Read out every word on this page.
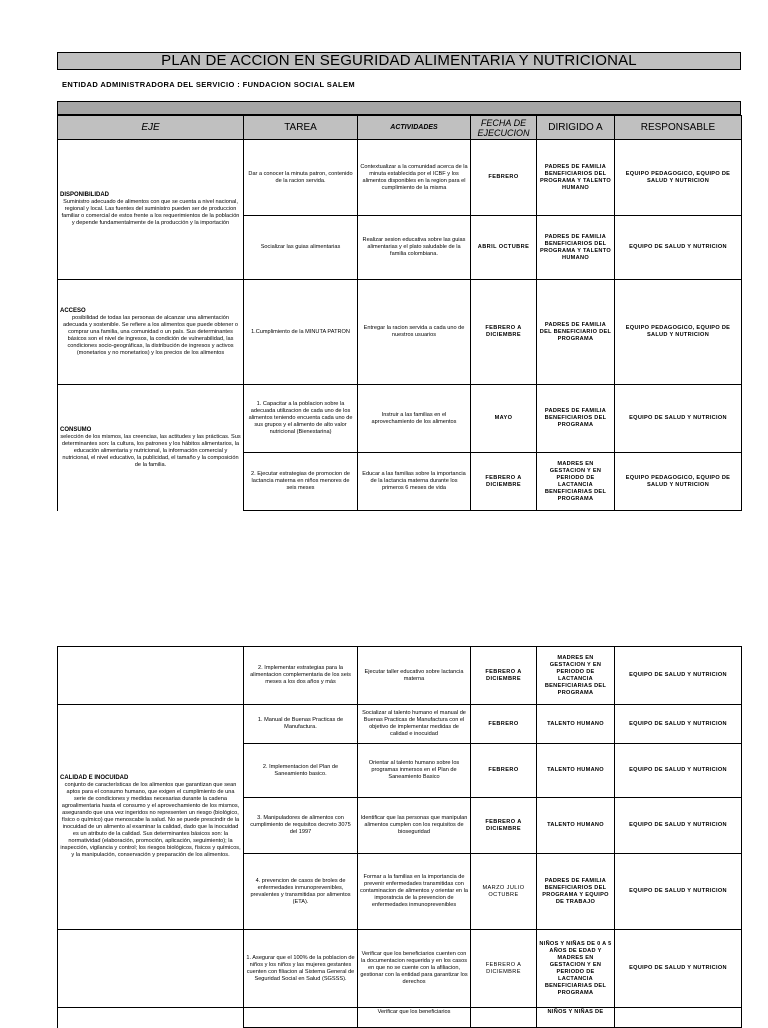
PLAN DE ACCION EN SEGURIDAD ALIMENTARIA Y NUTRICIONAL
ENTIDAD ADMINISTRADORA DEL SERVICIO : FUNDACION SOCIAL SALEM
EJE	TAREA	ACTIVIDADES	FECHA DE EJECUCION	DIRIGIDO A	RESPONSABLE

DISPONIBILIDAD
Suministro adecuado de alimentos con que se cuenta a nivel nacional, regional y local. Las fuentes del suministro pueden ser de produccion familiar o comercial de estos frente a los requerimientos de la población y depende fundamentalmente de la producción y la importación	Dar a conocer la minuta patron, contenido de la racion servida.	Contextualizar a la comunidad acerca de la minuta establecida por el ICBF y los alimentos disponibles en la region para el cumplimiento de la misma	FEBRERO	PADRES DE FAMILIA BENEFICIARIOS DEL PROGRAMA Y TALENTO HUMANO	EQUIPO PEDAGOGICO, EQUIPO DE SALUD Y NUTRICION
	Socializar las guias alimentarias	Realizar sesion educativa sobre las guias alimentarias y el plato saludable de la familia colombiana.	ABRIL OCTUBRE	PADRES DE FAMILIA BENEFICIARIOS DEL PROGRAMA Y TALENTO HUMANO	EQUIPO DE SALUD Y NUTRICION

ACCESO
posibilidad de todas las personas de alcanzar una alimentación adecuada y sostenible. Se refiere a los alimentos que puede obtener o comprar una familia, una comunidad o un país. Sus determinantes básicos son el nivel de ingresos, la condición de vulnerabilidad, las condiciones socio-geográficas, la distribución de ingresos y activos (monetarios y no monetarios) y los precios de los alimentos	1.Cumplimiento de la MINUTA PATRON	Entregar la racion servida a cada uno de nuestros usuarios	FEBRERO A DICIEMBRE	PADRES DE FAMILIA DEL BENEFICIARIO DEL PROGRAMA	EQUIPO PEDAGOGICO, EQUIPO DE SALUD Y NUTRICION

CONSUMO
selección de los mismos, las creencias, las actitudes y las prácticas. Sus determinantes son: la cultura, los patrones y los hábitos alimentarios, la educación alimentaria y nutricional, la información comercial y nutricional, el nivel educativo, la publicidad, el tamaño y la composición de la familia.	1. Capacitar a la poblacion sobre la adecuada utilizacion de cada uno de los alimentos teniendo encuenta cada uno de sus grupos y el alimento de alto valor nutricional (Bienestarina)	Instruir a las familias en el aprovechamiento de los alimentos	MAYO	PADRES DE FAMILIA BENEFICIARIOS DEL PROGRAMA	EQUIPO DE SALUD Y NUTRICION
	2. Ejecutar estrategias de promocion de lactancia materna en niños menores de seis meses	Educar a las familias sobre la importancia de la lactancia materna durante los primeros 6 meses de vida	FEBRERO A DICIEMBRE	MADRES EN GESTACION Y EN PERIODO DE LACTANCIA BENEFICIARIAS DEL PROGRAMA	EQUIPO PEDAGOGICO, EQUIPO DE SALUD Y NUTRICION
	2. Implementar estrategias para la alimentacion complementaria de los seis meses a los dos años y más	Ejecutar taller educativo sobre lactancia materna	FEBRERO A DICIEMBRE	MADRES EN GESTACION Y EN PERIODO DE LACTANCIA BENEFICIARIAS DEL PROGRAMA	EQUIPO DE SALUD Y NUTRICION

CALIDAD E INOCUIDAD
conjunto de características de los alimentos que garantizan que sean aptos para el consumo humano, que exigen el cumplimiento de una serie de condiciones y medidas necesarias durante la cadena agroalimentaria hasta el consumo y el aprovechamiento de los mismos, asegurando que una vez ingeridos no representen un riesgo (biológico, físico o químico) que menoscabe la salud. No se puede prescindir de la inocuidad de un alimento al examinar la calidad, dado que la inocuidad es un atributo de la calidad. Sus determinantes básicos son: la normatividad (elaboración, promoción, aplicación, seguimiento); la inspección, vigilancia y control; los riesgos biológicos, físicos y químicos, y la manipulación, conservación y preparación de los alimentos.	1. Manual de Buenas Practicas de Manufactura.	Socializar al talento humano el manual de Buenas Practicas de Manufactura con el objetivo de implementar medidas de calidad e inocuidad	FEBRERO	TALENTO HUMANO	EQUIPO DE SALUD Y NUTRICION
	2. Implementacion del Plan de Saneamiento basico.	Orientar al talento humano sobre los programas inmersos en el Plan de Saneamiento Basico	FEBRERO	TALENTO HUMANO	EQUIPO DE SALUD Y NUTRICION
	3. Manipuladores de alimentos con cumplimiento de requisitos decreto 3075 del 1997	Identificar que las personas que manipulan alimentos cumplen con los requisitos de bioseguridad	FEBRERO A DICIEMBRE	TALENTO HUMANO	EQUIPO DE SALUD Y NUTRICION
	4. prevencion de casos de broles de enfermedades inmunoprevenibles, prevalentes y transmitidas por alimentos (ETA).	Formar a la familias en la importancia de prevenir enfermedades transmitidas con contaminacion de alimentos y orientar en la imporatncia de la prevencion de enfermedades inmunoprevenibles	MARZO JULIO OCTUBRE	PADRES DE FAMILIA BENEFICIARIOS DEL PROGRAMA Y EQUIPO DE TRABAJO	EQUIPO DE SALUD Y NUTRICION
	1. Asegurar que el 100% de la poblacion de niños y los niños y las mujeres gestantes cuenten con filiacion al Sistema General de Seguridad Social en Salud (SGSSS).	Verificar que los beneficiarios cuenten con la documentacion requerida y en los casos en que no se cuente con la afiliacion, gestionar con la entidad para garantizar los derechos	FEBRERO A DICIEMBRE	NIÑOS Y NIÑAS DE 0 A 5 AÑOS DE EDAD Y MADRES EN GESTACION Y EN PERIODO DE LACTANCIA BENEFICIARIAS DEL PROGRAMA	EQUIPO DE SALUD Y NUTRICION
		Verificar que los beneficiarios		NIÑOS Y NIÑAS DE	
